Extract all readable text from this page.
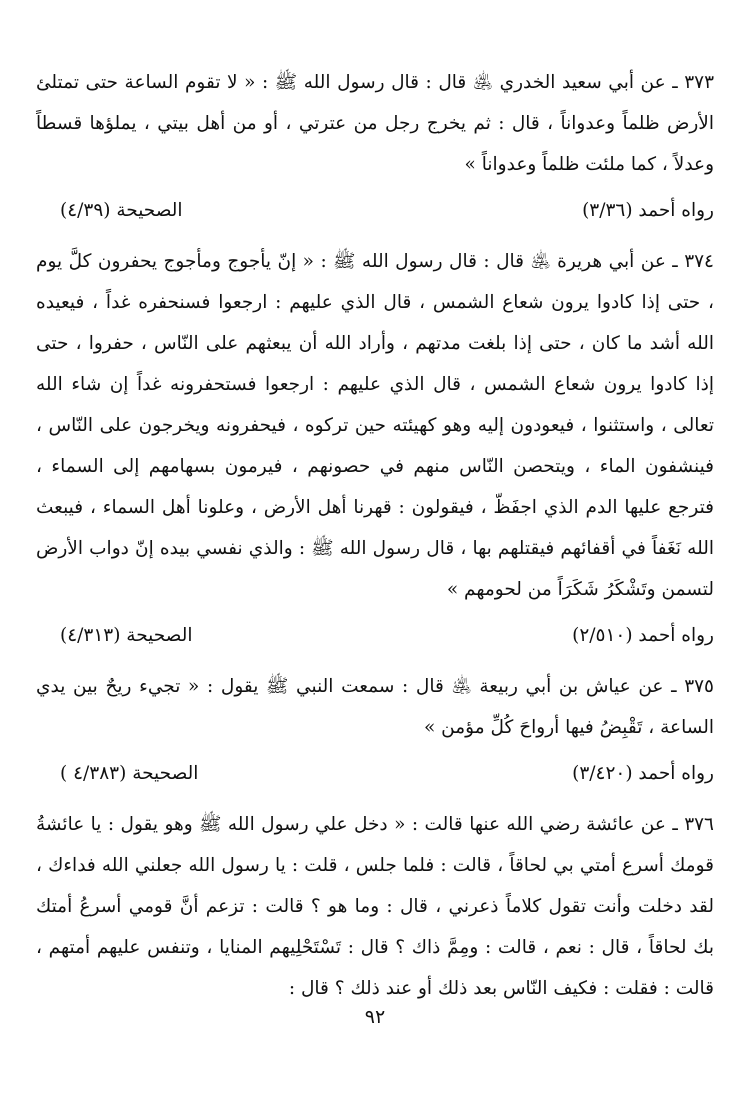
٣٧٣ ـ عن أبي سعيد الخدري ﵁ قال : قال رسول الله ﷺ : « لا تقوم الساعة حتى تمتلئ الأرض ظلماً وعدواناً ، قال : ثم يخرج رجل من عترتي ، أو من أهل بيتي ، يملؤها قسطاً وعدلاً ، كما ملئت ظلماً وعدواناً »

رواه أحمد (٣/٣٦)
الصحيحة (٤/٣٩)

٣٧٤ ـ عن أبي هريرة ﵁ قال : قال رسول الله ﷺ : « إنّ يأجوج ومأجوج يحفرون كلَّ يوم ، حتى إذا كادوا يرون شعاع الشمس ، قال الذي عليهم : ارجعوا فسنحفره غداً ، فيعيده الله أشد ما كان ، حتى إذا بلغت مدتهم ، وأراد الله أن يبعثهم على النّاس ، حفروا ، حتى إذا كادوا يرون شعاع الشمس ، قال الذي عليهم : ارجعوا فستحفرونه غداً إن شاء الله تعالى ، واستثنوا ، فيعودون إليه وهو كهيئته حين تركوه ، فيحفرونه ويخرجون على النّاس ، فينشفون الماء ، ويتحصن النّاس منهم في حصونهم ، فيرمون بسهامهم إلى السماء ، فترجع عليها الدم الذي اجفَظّ ، فيقولون : قهرنا أهل الأرض ، وعلونا أهل السماء ، فيبعث الله نَغَفاً في أقفائهم فيقتلهم بها ، قال رسول الله ﷺ : والذي نفسي بيده إنّ دواب الأرض لتسمن وتَشْكَرُ شَكَرَاً من لحومهم »

رواه أحمد (٢/٥١٠)
الصحيحة (٤/٣١٣)

٣٧٥ ـ عن عياش بن أبي ربيعة ﵁ قال : سمعت النبي ﷺ يقول : « تجيء ريحٌ بين يدي الساعة ، تَقْبِضُ فيها أرواحَ كُلِّ مؤمن »

رواه أحمد (٣/٤٢٠)
الصحيحة (٤/٣٨٣ )

٣٧٦ ـ عن عائشة رضي الله عنها قالت : « دخل علي رسول الله ﷺ وهو يقول : يا عائشةُ قومك أسرع أمتي بي لحاقاً ، قالت : فلما جلس ، قلت : يا رسول الله جعلني الله فداءك ، لقد دخلت وأنت تقول كلاماً ذعرني ، قال : وما هو ؟ قالت : تزعم أنَّ قومي أسرعُ أمتك بك لحاقاً ، قال : نعم ، قالت : ومِمَّ ذاك ؟ قال : تَسْتَحْلِيهم المنايا ، وتنفس عليهم أمتهم ، قالت : فقلت : فكيف النّاس بعد ذلك أو عند ذلك ؟ قال :

٩٢
